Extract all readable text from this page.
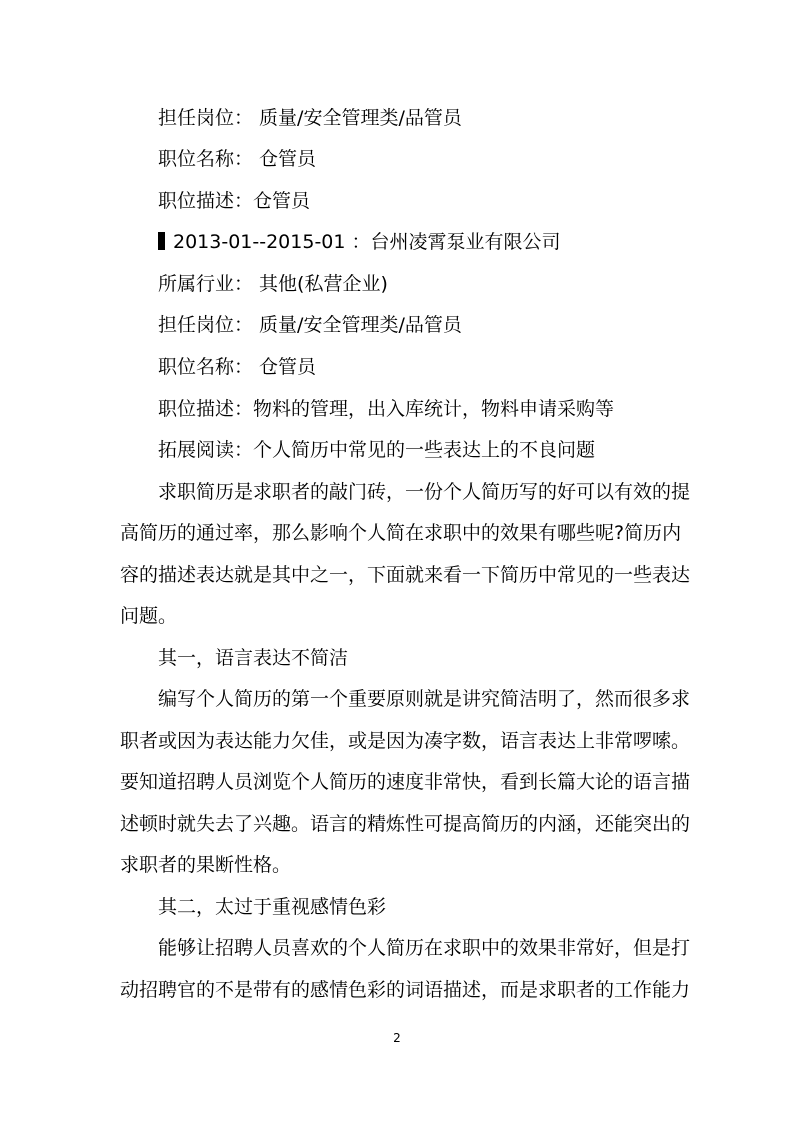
担任岗位： 质量/安全管理类/品管员
职位名称： 仓管员
职位描述：仓管员
2013-01--2015-01 ：台州凌霄泵业有限公司
所属行业： 其他(私营企业)
担任岗位： 质量/安全管理类/品管员
职位名称： 仓管员
职位描述：物料的管理，出入库统计，物料申请采购等
拓展阅读：个人简历中常见的一些表达上的不良问题
求职简历是求职者的敲门砖，一份个人简历写的好可以有效的提
高简历的通过率，那么影响个人简在求职中的效果有哪些呢?简历内
容的描述表达就是其中之一，下面就来看一下简历中常见的一些表达
问题。
其一，语言表达不简洁
编写个人简历的第一个重要原则就是讲究简洁明了，然而很多求
职者或因为表达能力欠佳，或是因为凑字数，语言表达上非常啰嗦。
要知道招聘人员浏览个人简历的速度非常快，看到长篇大论的语言描
述顿时就失去了兴趣。语言的精炼性可提高简历的内涵，还能突出的
求职者的果断性格。
其二，太过于重视感情色彩
能够让招聘人员喜欢的个人简历在求职中的效果非常好，但是打
动招聘官的不是带有的感情色彩的词语描述，而是求职者的工作能力
2
